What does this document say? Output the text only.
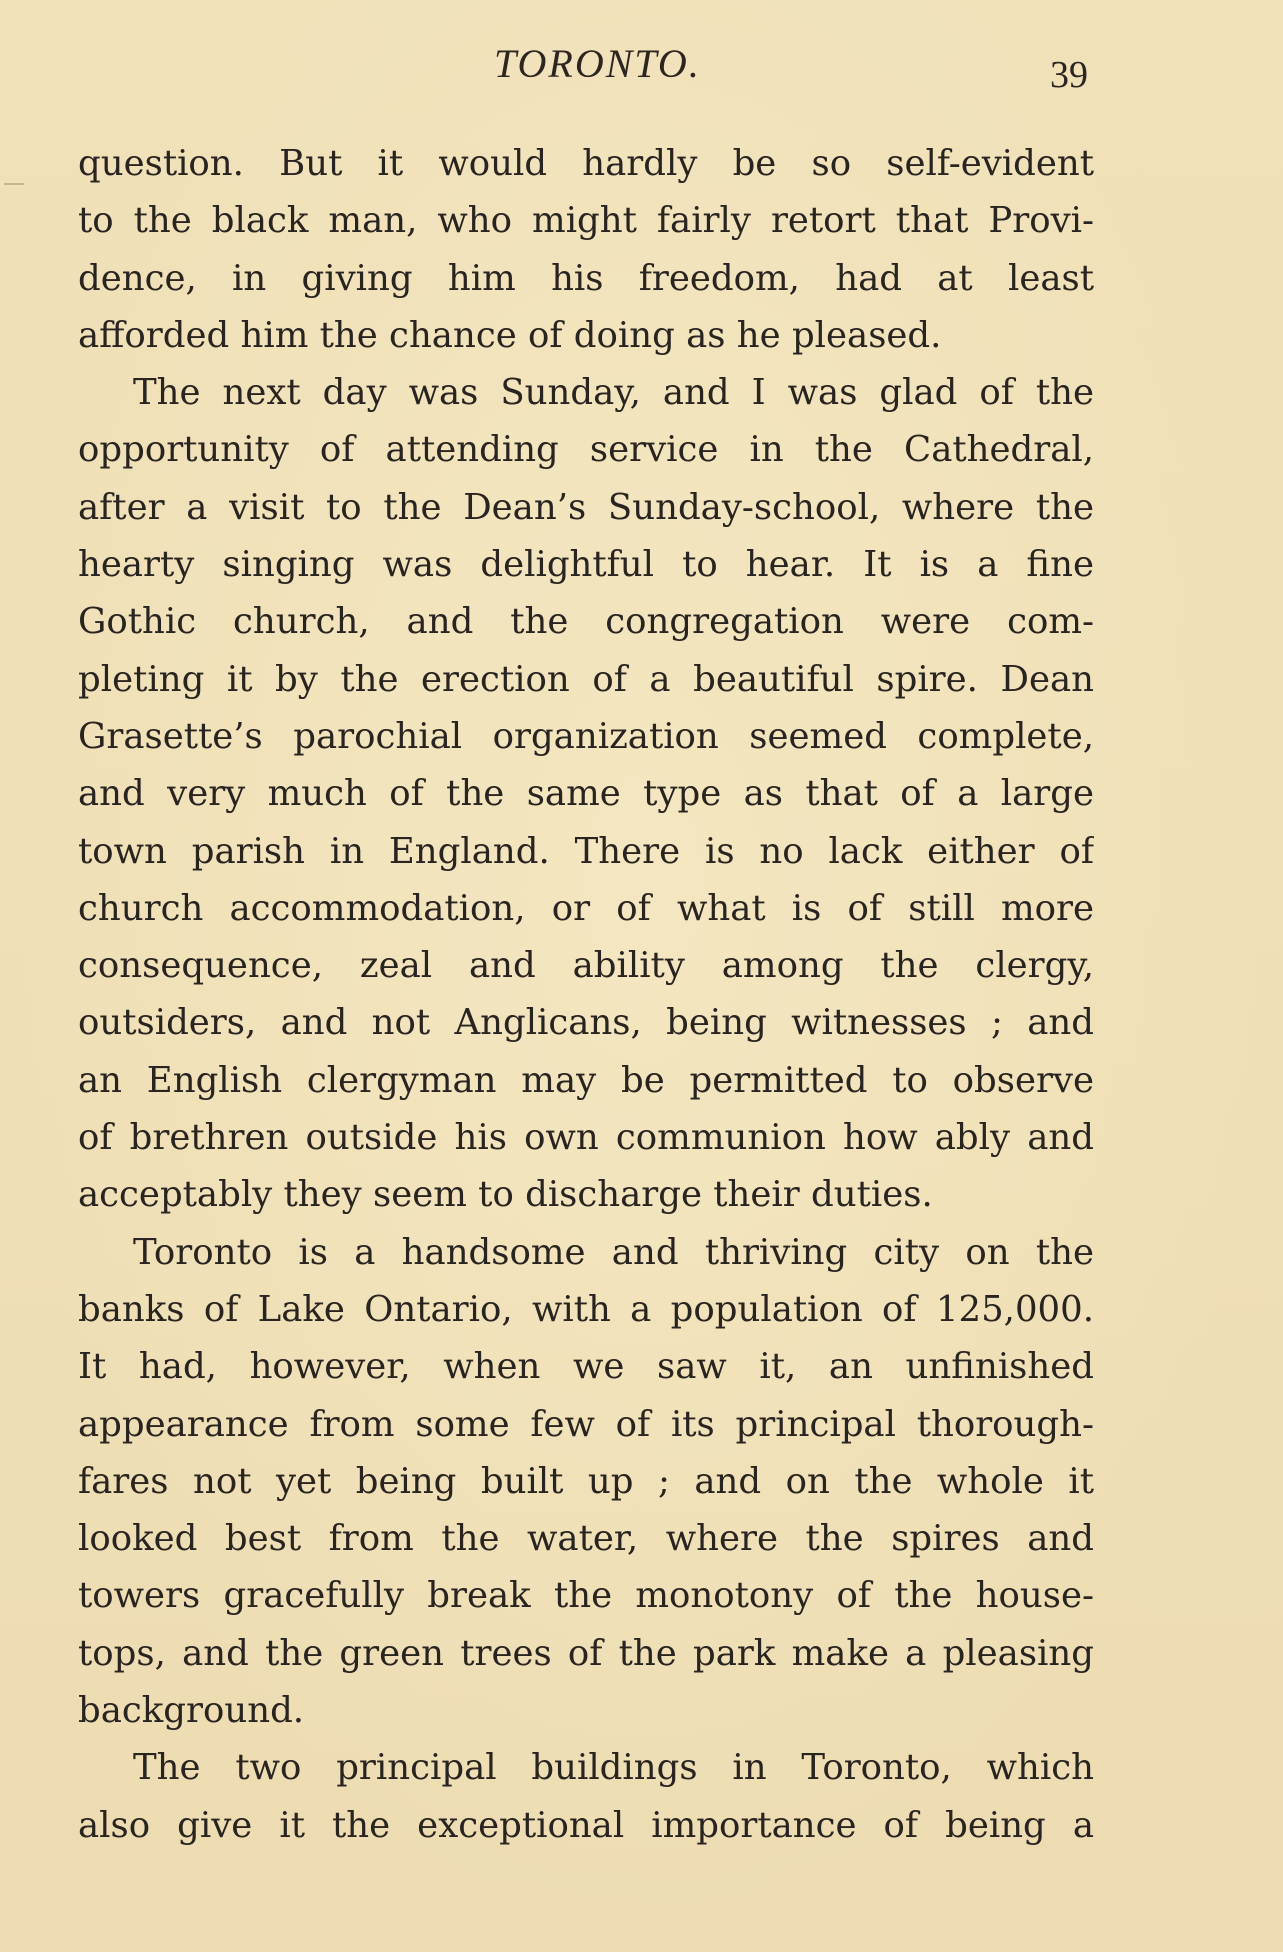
TORONTO.	39
question. But it would hardly be so self-evident
to the black man, who might fairly retort that Provi-
dence, in giving him his freedom, had at least
afforded him the chance of doing as he pleased.
The next day was Sunday, and I was glad of the
opportunity of attending service in the Cathedral,
after a visit to the Dean’s Sunday-school, where the
hearty singing was delightful to hear. It is a fine
Gothic church, and the congregation were com-
pleting it by the erection of a beautiful spire. Dean
Grasette’s parochial organization seemed complete,
and very much of the same type as that of a large
town parish in England. There is no lack either of
church accommodation, or of what is of still more
consequence, zeal and ability among the clergy,
outsiders, and not Anglicans, being witnesses ; and
an English clergyman may be permitted to observe
of brethren outside his own communion how ably and
acceptably they seem to discharge their duties.
Toronto is a handsome and thriving city on the
banks of Lake Ontario, with a population of 125,000.
It had, however, when we saw it, an unfinished
appearance from some few of its principal thorough-
fares not yet being built up ; and on the whole it
looked best from the water, where the spires and
towers gracefully break the monotony of the house-
tops, and the green trees of the park make a pleasing
background.
The two principal buildings in Toronto, which
also give it the exceptional importance of being a
